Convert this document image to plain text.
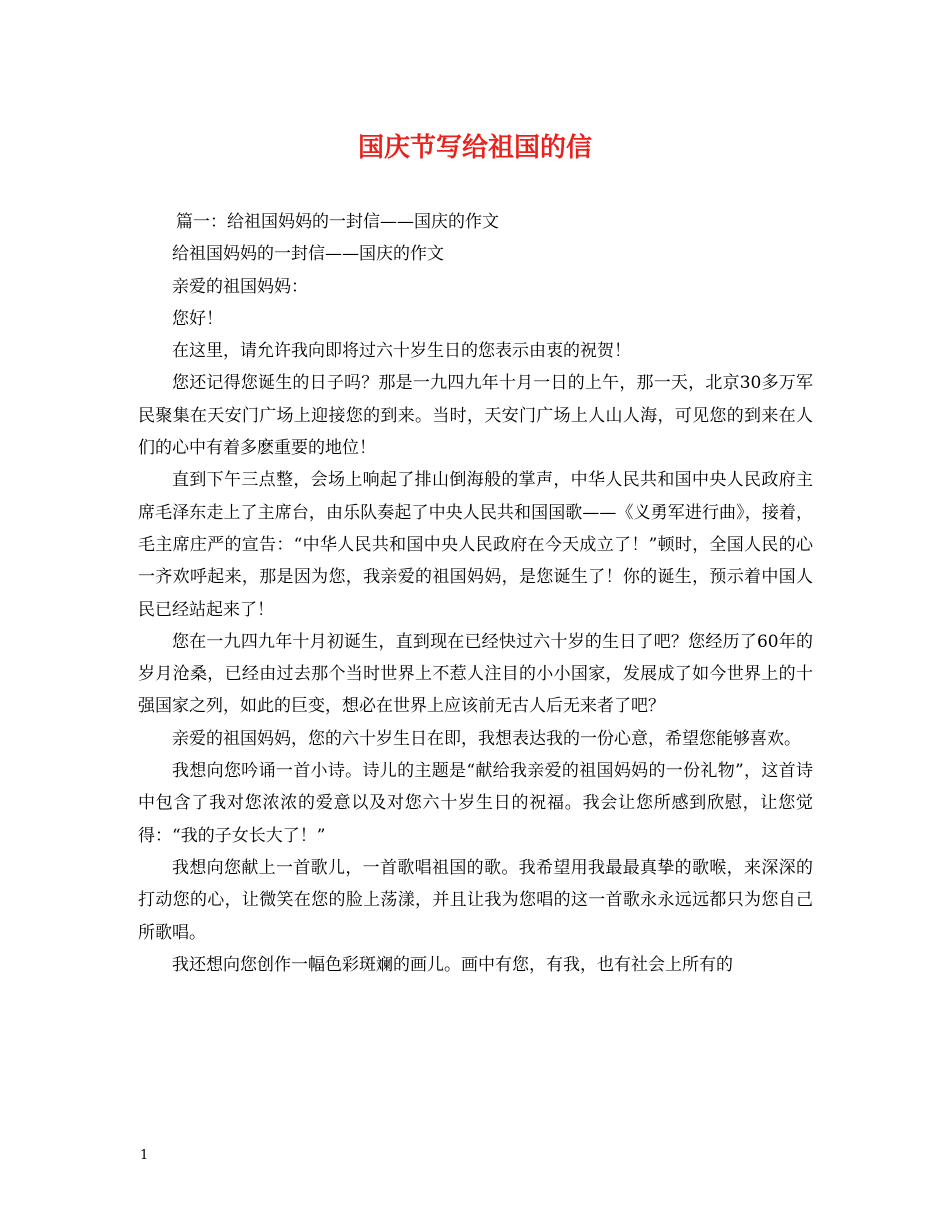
国庆节写给祖国的信

篇一：给祖国妈妈的一封信——国庆的作文

给祖国妈妈的一封信——国庆的作文

亲爱的祖国妈妈：

您好！

在这里，请允许我向即将过六十岁生日的您表示由衷的祝贺！

您还记得您诞生的日子吗？那是一九四九年十月一日的上午，那一天，北京30多万军民聚集在天安门广场上迎接您的到来。当时，天安门广场上人山人海，可见您的到来在人们的心中有着多麽重要的地位！

直到下午三点整，会场上响起了排山倒海般的掌声，中华人民共和国中央人民政府主席毛泽东走上了主席台，由乐队奏起了中央人民共和国国歌——《义勇军进行曲》，接着，毛主席庄严的宣告：“中华人民共和国中央人民政府在今天成立了！”顿时，全国人民的心一齐欢呼起来，那是因为您，我亲爱的祖国妈妈，是您诞生了！你的诞生，预示着中国人民已经站起来了！

您在一九四九年十月初诞生，直到现在已经快过六十岁的生日了吧？您经历了60年的岁月沧桑，已经由过去那个当时世界上不惹人注目的小小国家，发展成了如今世界上的十强国家之列，如此的巨变，想必在世界上应该前无古人后无来者了吧？

亲爱的祖国妈妈，您的六十岁生日在即，我想表达我的一份心意，希望您能够喜欢。

我想向您吟诵一首小诗。诗儿的主题是“献给我亲爱的祖国妈妈的一份礼物”，这首诗中包含了我对您浓浓的爱意以及对您六十岁生日的祝福。我会让您所感到欣慰，让您觉得：“我的子女长大了！”

我想向您献上一首歌儿，一首歌唱祖国的歌。我希望用我最最真挚的歌喉，来深深的打动您的心，让微笑在您的脸上荡漾，并且让我为您唱的这一首歌永永远远都只为您自己所歌唱。

我还想向您创作一幅色彩斑斓的画儿。画中有您，有我，也有社会上所有的

1
